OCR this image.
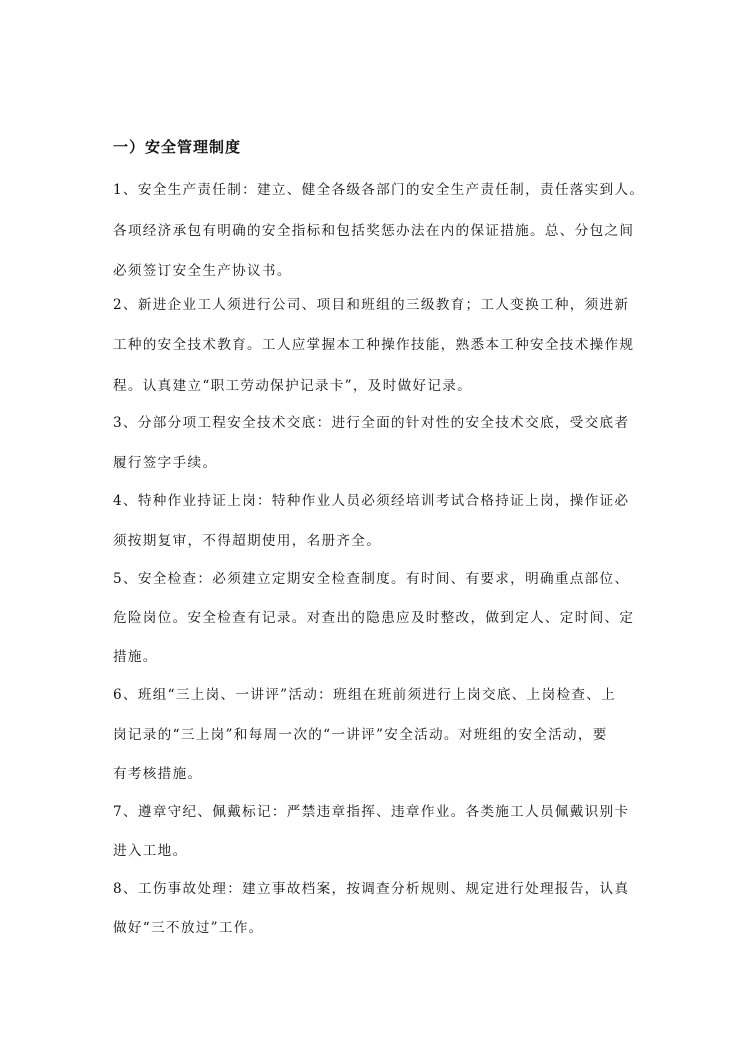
一）安全管理制度
1、安全生产责任制：建立、健全各级各部门的安全生产责任制，责任落实到人。
各项经济承包有明确的安全指标和包括奖惩办法在内的保证措施。总、分包之间
必须签订安全生产协议书。
2、新进企业工人须进行公司、项目和班组的三级教育；工人变换工种，须进新
工种的安全技术教育。工人应掌握本工种操作技能，熟悉本工种安全技术操作规
程。认真建立“职工劳动保护记录卡”，及时做好记录。
3、分部分项工程安全技术交底：进行全面的针对性的安全技术交底，受交底者
履行签字手续。
4、特种作业持证上岗：特种作业人员必须经培训考试合格持证上岗，操作证必
须按期复审，不得超期使用，名册齐全。
5、安全检查：必须建立定期安全检查制度。有时间、有要求，明确重点部位、
危险岗位。安全检查有记录。对查出的隐患应及时整改，做到定人、定时间、定
措施。
6、班组“三上岗、一讲评”活动：班组在班前须进行上岗交底、上岗检查、上
岗记录的“三上岗”和每周一次的“一讲评”安全活动。对班组的安全活动，要
有考核措施。
7、遵章守纪、佩戴标记：严禁违章指挥、违章作业。各类施工人员佩戴识别卡
进入工地。
8、工伤事故处理：建立事故档案，按调查分析规则、规定进行处理报告，认真
做好“三不放过”工作。
